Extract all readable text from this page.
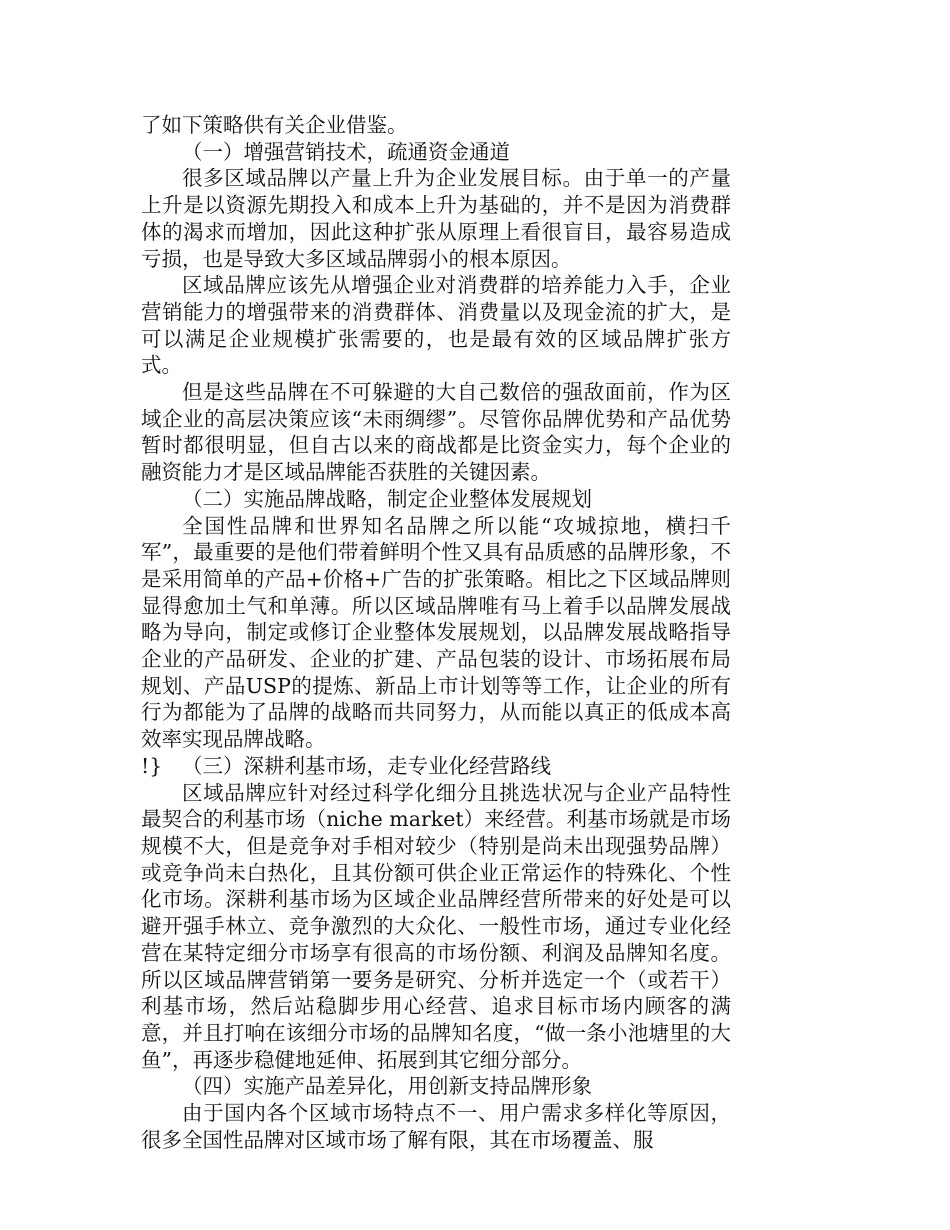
了如下策略供有关企业借鉴。

（一）增强营销技术，疏通资金通道

很多区域品牌以产量上升为企业发展目标。由于单一的产量上升是以资源先期投入和成本上升为基础的，并不是因为消费群体的渴求而增加，因此这种扩张从原理上看很盲目，最容易造成亏损，也是导致大多区域品牌弱小的根本原因。

区域品牌应该先从增强企业对消费群的培养能力入手，企业营销能力的增强带来的消费群体、消费量以及现金流的扩大，是可以满足企业规模扩张需要的，也是最有效的区域品牌扩张方式。

但是这些品牌在不可躲避的大自己数倍的强敌面前，作为区域企业的高层决策应该“未雨绸缪”。尽管你品牌优势和产品优势暂时都很明显，但自古以来的商战都是比资金实力，每个企业的融资能力才是区域品牌能否获胜的关键因素。

（二）实施品牌战略，制定企业整体发展规划

全国性品牌和世界知名品牌之所以能“攻城掠地，横扫千军”，最重要的是他们带着鲜明个性又具有品质感的品牌形象，不是采用简单的产品+价格+广告的扩张策略。相比之下区域品牌则显得愈加土气和单薄。所以区域品牌唯有马上着手以品牌发展战略为导向，制定或修订企业整体发展规划，以品牌发展战略指导企业的产品研发、企业的扩建、产品包装的设计、市场拓展布局规划、产品USP的提炼、新品上市计划等等工作，让企业的所有行为都能为了品牌的战略而共同努力，从而能以真正的低成本高效率实现品牌战略。

!} （三）深耕利基市场，走专业化经营路线

区域品牌应针对经过科学化细分且挑选状况与企业产品特性最契合的利基市场（niche market）来经营。利基市场就是市场规模不大，但是竞争对手相对较少（特别是尚未出现强势品牌）或竞争尚未白热化，且其份额可供企业正常运作的特殊化、个性化市场。深耕利基市场为区域企业品牌经营所带来的好处是可以避开强手林立、竞争激烈的大众化、一般性市场，通过专业化经营在某特定细分市场享有很高的市场份额、利润及品牌知名度。所以区域品牌营销第一要务是研究、分析并选定一个（或若干）利基市场，然后站稳脚步用心经营、追求目标市场内顾客的满意，并且打响在该细分市场的品牌知名度，“做一条小池塘里的大鱼”，再逐步稳健地延伸、拓展到其它细分部分。

（四）实施产品差异化，用创新支持品牌形象

由于国内各个区域市场特点不一、用户需求多样化等原因，很多全国性品牌对区域市场了解有限，其在市场覆盖、服
